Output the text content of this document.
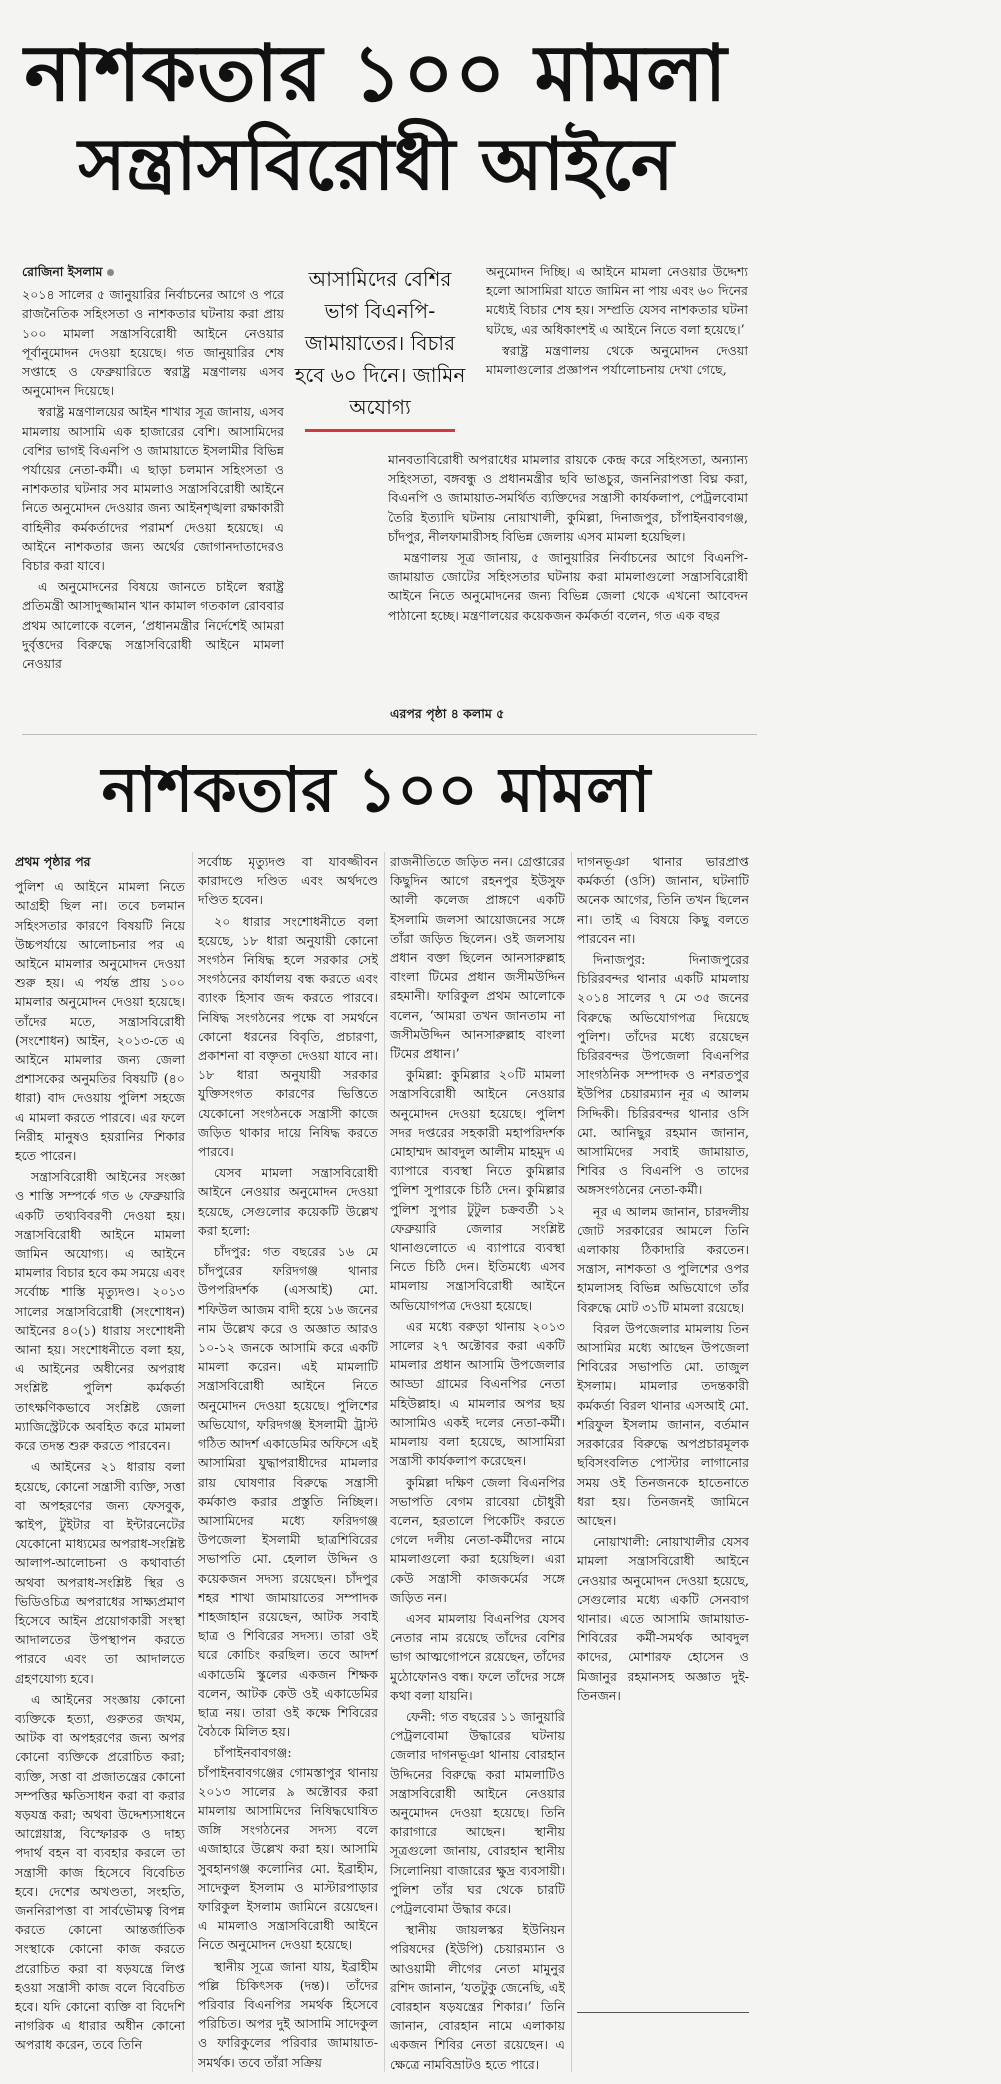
নাশকতার ১০০ মামলা
সন্ত্রাসবিরোধী আইনে
রোজিনা ইসলাম

২০১৪ সালের ৫ জানুয়ারির নির্বাচনের আগে ও পরে রাজনৈতিক সহিংসতা ও নাশকতার ঘটনায় করা প্রায় ১০০ মামলা সন্ত্রাসবিরোধী আইনে নেওয়ার পূর্বানুমোদন দেওয়া হয়েছে। গত জানুয়ারির শেষ সপ্তাহে ও ফেব্রুয়ারিতে স্বরাষ্ট্র মন্ত্রণালয় এসব অনুমোদন দিয়েছে।

স্বরাষ্ট্র মন্ত্রণালয়ের আইন শাখার সূত্র জানায়, এসব মামলায় আসামি এক হাজারের বেশি। আসামিদের বেশির ভাগই বিএনপি ও জামায়াতে ইসলামীর বিভিন্ন পর্যায়ের নেতা-কর্মী। এ ছাড়া চলমান সহিংসতা ও নাশকতার ঘটনার সব মামলাও সন্ত্রাসবিরোধী আইনে নিতে অনুমোদন দেওয়ার জন্য আইনশৃঙ্খলা রক্ষাকারী বাহিনীর কর্মকর্তাদের পরামর্শ দেওয়া হয়েছে। এ আইনে নাশকতার জন্য অর্থের জোগানদাতাদেরও বিচার করা যাবে।

এ অনুমোদনের বিষয়ে জানতে চাইলে স্বরাষ্ট্র প্রতিমন্ত্রী আসাদুজ্জামান খান কামাল গতকাল রোববার প্রথম আলোকে বলেন, ‘প্রধানমন্ত্রীর নির্দেশেই আমরা দুর্বৃত্তদের বিরুদ্ধে সন্ত্রাসবিরোধী আইনে মামলা নেওয়ার

আসামিদের বেশির ভাগ বিএনপি-জামায়াতের। বিচার হবে ৬০ দিনে। জামিন অযোগ্য

অনুমোদন দিচ্ছি। এ আইনে মামলা নেওয়ার উদ্দেশ্য হলো আসামিরা যাতে জামিন না পায় এবং ৬০ দিনের মধ্যেই বিচার শেষ হয়। সম্প্রতি যেসব নাশকতার ঘটনা ঘটছে, এর অধিকাংশই এ আইনে নিতে বলা হয়েছে।’

স্বরাষ্ট্র মন্ত্রণালয় থেকে অনুমোদন দেওয়া মামলাগুলোর প্রজ্ঞাপন পর্যালোচনায় দেখা গেছে,

মানবতাবিরোধী অপরাধের মামলার রায়কে কেন্দ্র করে সহিংসতা, অন্যান্য সহিংসতা, বঙ্গবন্ধু ও প্রধানমন্ত্রীর ছবি ভাঙচুর, জননিরাপত্তা বিঘ্ন করা, বিএনপি ও জামায়াত-সমর্থিত ব্যক্তিদের সন্ত্রাসী কার্যকলাপ, পেট্রলবোমা তৈরি ইত্যাদি ঘটনায় নোয়াখালী, কুমিল্লা, দিনাজপুর, চাঁপাইনবাবগঞ্জ, চাঁদপুর, নীলফামারীসহ বিভিন্ন জেলায় এসব মামলা হয়েছিল।

মন্ত্রণালয় সূত্র জানায়, ৫ জানুয়ারির নির্বাচনের আগে বিএনপি-জামায়াত জোটের সহিংসতার ঘটনায় করা মামলাগুলো সন্ত্রাসবিরোধী আইনে নিতে অনুমোদনের জন্য বিভিন্ন জেলা থেকে এখনো আবেদন পাঠানো হচ্ছে। মন্ত্রণালয়ের কয়েকজন কর্মকর্তা বলেন, গত এক বছর

এরপর পৃষ্ঠা ৪ কলাম ৫
নাশকতার ১০০ মামলা
প্রথম পৃষ্ঠার পর

পুলিশ এ আইনে মামলা নিতে আগ্রহী ছিল না। তবে চলমান সহিংসতার কারণে বিষয়টি নিয়ে উচ্চপর্যায়ে আলোচনার পর এ আইনে মামলার অনুমোদন দেওয়া শুরু হয়। এ পর্যন্ত প্রায় ১০০ মামলার অনুমোদন দেওয়া হয়েছে। তাঁদের মতে, সন্ত্রাসবিরোধী (সংশোধন) আইন, ২০১৩-তে এ আইনে মামলার জন্য জেলা প্রশাসকের অনুমতির বিষয়টি (৪০ ধারা) বাদ দেওয়ায় পুলিশ সহজে এ মামলা করতে পারবে। এর ফলে নিরীহ মানুষও হয়রানির শিকার হতে পারেন।

সন্ত্রাসবিরোধী আইনের সংজ্ঞা ও শাস্তি সম্পর্কে গত ৬ ফেব্রুয়ারি একটি তথ্যবিবরণী দেওয়া হয়। সন্ত্রাসবিরোধী আইনে মামলা জামিন অযোগ্য। এ আইনে মামলার বিচার হবে কম সময়ে এবং সর্বোচ্চ শাস্তি মৃত্যুদণ্ড। ২০১৩ সালের সন্ত্রাসবিরোধী (সংশোধন) আইনের ৪০(১) ধারায় সংশোধনী আনা হয়। সংশোধনীতে বলা হয়, এ আইনের অধীনের অপরাধ সংশ্লিষ্ট পুলিশ কর্মকর্তা তাৎক্ষণিকভাবে সংশ্লিষ্ট জেলা ম্যাজিস্ট্রেটকে অবহিত করে মামলা করে তদন্ত শুরু করতে পারবেন।

এ আইনের ২১ ধারায় বলা হয়েছে, কোনো সন্ত্রাসী ব্যক্তি, সত্তা বা অপহরণের জন্য ফেসবুক, স্কাইপ, টুইটার বা ইন্টারনেটের যেকোনো মাধ্যমের অপরাধ-সংশ্লিষ্ট আলাপ-আলোচনা ও কথাবার্তা অথবা অপরাধ-সংশ্লিষ্ট স্থির ও ভিডিওচিত্র অপরাধের সাক্ষ্যপ্রমাণ হিসেবে আইন প্রয়োগকারী সংস্থা আদালতের উপস্থাপন করতে পারবে এবং তা আদালতে গ্রহণযোগ্য হবে।

এ আইনের সংজ্ঞায় কোনো ব্যক্তিকে হত্যা, গুরুতর জখম, আটক বা অপহরণের জন্য অপর কোনো ব্যক্তিকে প্ররোচিত করা; ব্যক্তি, সত্তা বা প্রজাতন্ত্রের কোনো সম্পত্তির ক্ষতিসাধন করা বা করার ষড়যন্ত্র করা; অথবা উদ্দেশ্যসাধনে আগ্নেয়াস্ত্র, বিস্ফোরক ও দাহ্য পদার্থ বহন বা ব্যবহার করলে তা সন্ত্রাসী কাজ হিসেবে বিবেচিত হবে। দেশের অখণ্ডতা, সংহতি, জননিরাপত্তা বা সার্বভৌমত্ব বিপন্ন করতে কোনো আন্তর্জাতিক সংস্থাকে কোনো কাজ করতে প্ররোচিত করা বা ষড়যন্ত্রে লিপ্ত হওয়া সন্ত্রাসী কাজ বলে বিবেচিত হবে। যদি কোনো ব্যক্তি বা বিদেশি নাগরিক এ ধারার অধীন কোনো অপরাধ করেন, তবে তিনি

সর্বোচ্চ মৃত্যুদণ্ড বা যাবজ্জীবন কারাদণ্ডে দণ্ডিত এবং অর্থদণ্ডে দণ্ডিত হবেন।

২০ ধারার সংশোধনীতে বলা হয়েছে, ১৮ ধারা অনুযায়ী কোনো সংগঠন নিষিদ্ধ হলে সরকার সেই সংগঠনের কার্যালয় বন্ধ করতে এবং ব্যাংক হিসাব জব্দ করতে পারবে। নিষিদ্ধ সংগঠনের পক্ষে বা সমর্থনে কোনো ধরনের বিবৃতি, প্রচারণা, প্রকাশনা বা বক্তৃতা দেওয়া যাবে না। ১৮ ধারা অনুযায়ী সরকার যুক্তিসংগত কারণের ভিত্তিতে যেকোনো সংগঠনকে সন্ত্রাসী কাজে জড়িত থাকার দায়ে নিষিদ্ধ করতে পারবে।

যেসব মামলা সন্ত্রাসবিরোধী আইনে নেওয়ার অনুমোদন দেওয়া হয়েছে, সেগুলোর কয়েকটি উল্লেখ করা হলো:

চাঁদপুর: গত বছরের ১৬ মে চাঁদপুরের ফরিদগঞ্জ থানার উপপরিদর্শক (এসআই) মো. শফিউল আজম বাদী হয়ে ১৬ জনের নাম উল্লেখ করে ও অজ্ঞাত আরও ১০-১২ জনকে আসামি করে একটি মামলা করেন। এই মামলাটি সন্ত্রাসবিরোধী আইনে নিতে অনুমোদন দেওয়া হয়েছে। পুলিশের অভিযোগ, ফরিদগঞ্জ ইসলামী ট্রাস্ট গঠিত আদর্শ একাডেমির অফিসে এই আসামিরা যুদ্ধাপরাধীদের মামলার রায় ঘোষণার বিরুদ্ধে সন্ত্রাসী কর্মকাণ্ড করার প্রস্তুতি নিচ্ছিল। আসামিদের মধ্যে ফরিদগঞ্জ উপজেলা ইসলামী ছাত্রশিবিরের সভাপতি মো. হেলাল উদ্দিন ও কয়েকজন সদস্য রয়েছেন। চাঁদপুর শহর শাখা জামায়াতের সম্পাদক শাহজাহান রয়েছেন, আটক সবাই ছাত্র ও শিবিরের সদস্য। তারা ওই ঘরে কোচিং করছিল। তবে আদর্শ একাডেমি স্কুলের একজন শিক্ষক বলেন, আটক কেউ ওই একাডেমির ছাত্র নয়। তারা ওই কক্ষে শিবিরের বৈঠকে মিলিত হয়।

চাঁপাইনবাবগঞ্জ: চাঁপাইনবাবগঞ্জের গোমস্তাপুর থানায় ২০১৩ সালের ৯ অক্টোবর করা মামলায় আসামিদের নিষিদ্ধঘোষিত জঙ্গি সংগঠনের সদস্য বলে এজাহারে উল্লেখ করা হয়। আসামি সুবহানগঞ্জ কলোনির মো. ইব্রাহীম, সাদেকুল ইসলাম ও মাস্টারপাড়ার ফারিকুল ইসলাম জামিনে রয়েছেন। এ মামলাও সন্ত্রাসবিরোধী আইনে নিতে অনুমোদন দেওয়া হয়েছে।

স্থানীয় সূত্রে জানা যায়, ইব্রাহীম পল্লি চিকিৎসক (দন্ত)। তাঁদের পরিবার বিএনপির সমর্থক হিসেবে পরিচিত। অপর দুই আসামি সাদেকুল ও ফারিকুলের পরিবার জামায়াত-সমর্থক। তবে তাঁরা সক্রিয়

রাজনীতিতে জড়িত নন। গ্রেপ্তারের কিছুদিন আগে রহনপুর ইউসুফ আলী কলেজ প্রাঙ্গণে একটি ইসলামি জলসা আয়োজনের সঙ্গে তাঁরা জড়িত ছিলেন। ওই জলসায় প্রধান বক্তা ছিলেন আনসারুল্লাহ বাংলা টিমের প্রধান জসীমউদ্দিন রহমানী। ফারিকুল প্রথম আলোকে বলেন, ‘আমরা তখন জানতাম না জসীমউদ্দিন আনসারুল্লাহ বাংলা টিমের প্রধান।’

কুমিল্লা: কুমিল্লার ২০টি মামলা সন্ত্রাসবিরোধী আইনে নেওয়ার অনুমোদন দেওয়া হয়েছে। পুলিশ সদর দপ্তরের সহকারী মহাপরিদর্শক মোহাম্মদ আবদুল আলীম মাহমুদ এ ব্যাপারে ব্যবস্থা নিতে কুমিল্লার পুলিশ সুপারকে চিঠি দেন। কুমিল্লার পুলিশ সুপার টুটুল চক্রবর্তী ১২ ফেব্রুয়ারি জেলার সংশ্লিষ্ট থানাগুলোতে এ ব্যাপারে ব্যবস্থা নিতে চিঠি দেন। ইতিমধ্যে এসব মামলায় সন্ত্রাসবিরোধী আইনে অভিযোগপত্র দেওয়া হয়েছে।

এর মধ্যে বরুড়া থানায় ২০১৩ সালের ২৭ অক্টোবর করা একটি মামলার প্রধান আসামি উপজেলার আড্ডা গ্রামের বিএনপির নেতা মহিউল্লাহ। এ মামলার অপর ছয় আসামিও একই দলের নেতা-কর্মী। মামলায় বলা হয়েছে, আসামিরা সন্ত্রাসী কার্যকলাপ করেছেন।

কুমিল্লা দক্ষিণ জেলা বিএনপির সভাপতি বেগম রাবেয়া চৌধুরী বলেন, হরতালে পিকেটিং করতে গেলে দলীয় নেতা-কর্মীদের নামে মামলাগুলো করা হয়েছিল। এরা কেউ সন্ত্রাসী কাজকর্মের সঙ্গে জড়িত নন।

এসব মামলায় বিএনপির যেসব নেতার নাম রয়েছে তাঁদের বেশির ভাগ আত্মগোপনে রয়েছেন, তাঁদের মুঠোফোনও বন্ধ। ফলে তাঁদের সঙ্গে কথা বলা যায়নি।

ফেনী: গত বছরের ১১ জানুয়ারি পেট্রলবোমা উদ্ধারের ঘটনায় জেলার দাগনভূঞা থানায় বোরহান উদ্দিনের বিরুদ্ধে করা মামলাটিও সন্ত্রাসবিরোধী আইনে নেওয়ার অনুমোদন দেওয়া হয়েছে। তিনি কারাগারে আছেন। স্থানীয় সূত্রগুলো জানায়, বোরহান স্থানীয় সিলোনিয়া বাজারের ক্ষুদ্র ব্যবসায়ী। পুলিশ তাঁর ঘর থেকে চারটি পেট্রলবোমা উদ্ধার করে।

স্থানীয় জায়লস্কর ইউনিয়ন পরিষদের (ইউপি) চেয়ারম্যান ও আওয়ামী লীগের নেতা মামুনুর রশিদ জানান, ‘যতটুকু জেনেছি, এই বোরহান ষড়যন্ত্রের শিকার।’ তিনি জানান, বোরহান নামে এলাকায় একজন শিবির নেতা রয়েছেন। এ ক্ষেত্রে নামবিভ্রাটও হতে পারে।

দাগনভূঞা থানার ভারপ্রাপ্ত কর্মকর্তা (ওসি) জানান, ঘটনাটি অনেক আগের, তিনি তখন ছিলেন না। তাই এ বিষয়ে কিছু বলতে পারবেন না।

দিনাজপুর: দিনাজপুরের চিরিরবন্দর থানার একটি মামলায় ২০১৪ সালের ৭ মে ৩৫ জনের বিরুদ্ধে অভিযোগপত্র দিয়েছে পুলিশ। তাঁদের মধ্যে রয়েছেন চিরিরবন্দর উপজেলা বিএনপির সাংগঠনিক সম্পাদক ও নশরতপুর ইউপির চেয়ারম্যান নূর এ আলম সিদ্দিকী। চিরিরবন্দর থানার ওসি মো. আনিছুর রহমান জানান, আসামিদের সবাই জামায়াত, শিবির ও বিএনপি ও তাদের অঙ্গসংগঠনের নেতা-কর্মী।

নূর এ আলম জানান, চারদলীয় জোট সরকারের আমলে তিনি এলাকায় ঠিকাদারি করতেন। সন্ত্রাস, নাশকতা ও পুলিশের ওপর হামলাসহ বিভিন্ন অভিযোগে তাঁর বিরুদ্ধে মোট ৩১টি মামলা রয়েছে।

বিরল উপজেলার মামলায় তিন আসামির মধ্যে আছেন উপজেলা শিবিরের সভাপতি মো. তাজুল ইসলাম। মামলার তদন্তকারী কর্মকর্তা বিরল থানার এসআই মো. শরিফুল ইসলাম জানান, বর্তমান সরকারের বিরুদ্ধে অপপ্রচারমূলক ছবিসংবলিত পোস্টার লাগানোর সময় ওই তিনজনকে হাতেনাতে ধরা হয়। তিনজনই জামিনে আছেন।

নোয়াখালী: নোয়াখালীর যেসব মামলা সন্ত্রাসবিরোধী আইনে নেওয়ার অনুমোদন দেওয়া হয়েছে, সেগুলোর মধ্যে একটি সেনবাগ থানার। এতে আসামি জামায়াত-শিবিরের কর্মী-সমর্থক আবদুল কাদের, মোশারফ হোসেন ও মিজানুর রহমানসহ অজ্ঞাত দুই-তিনজন।
